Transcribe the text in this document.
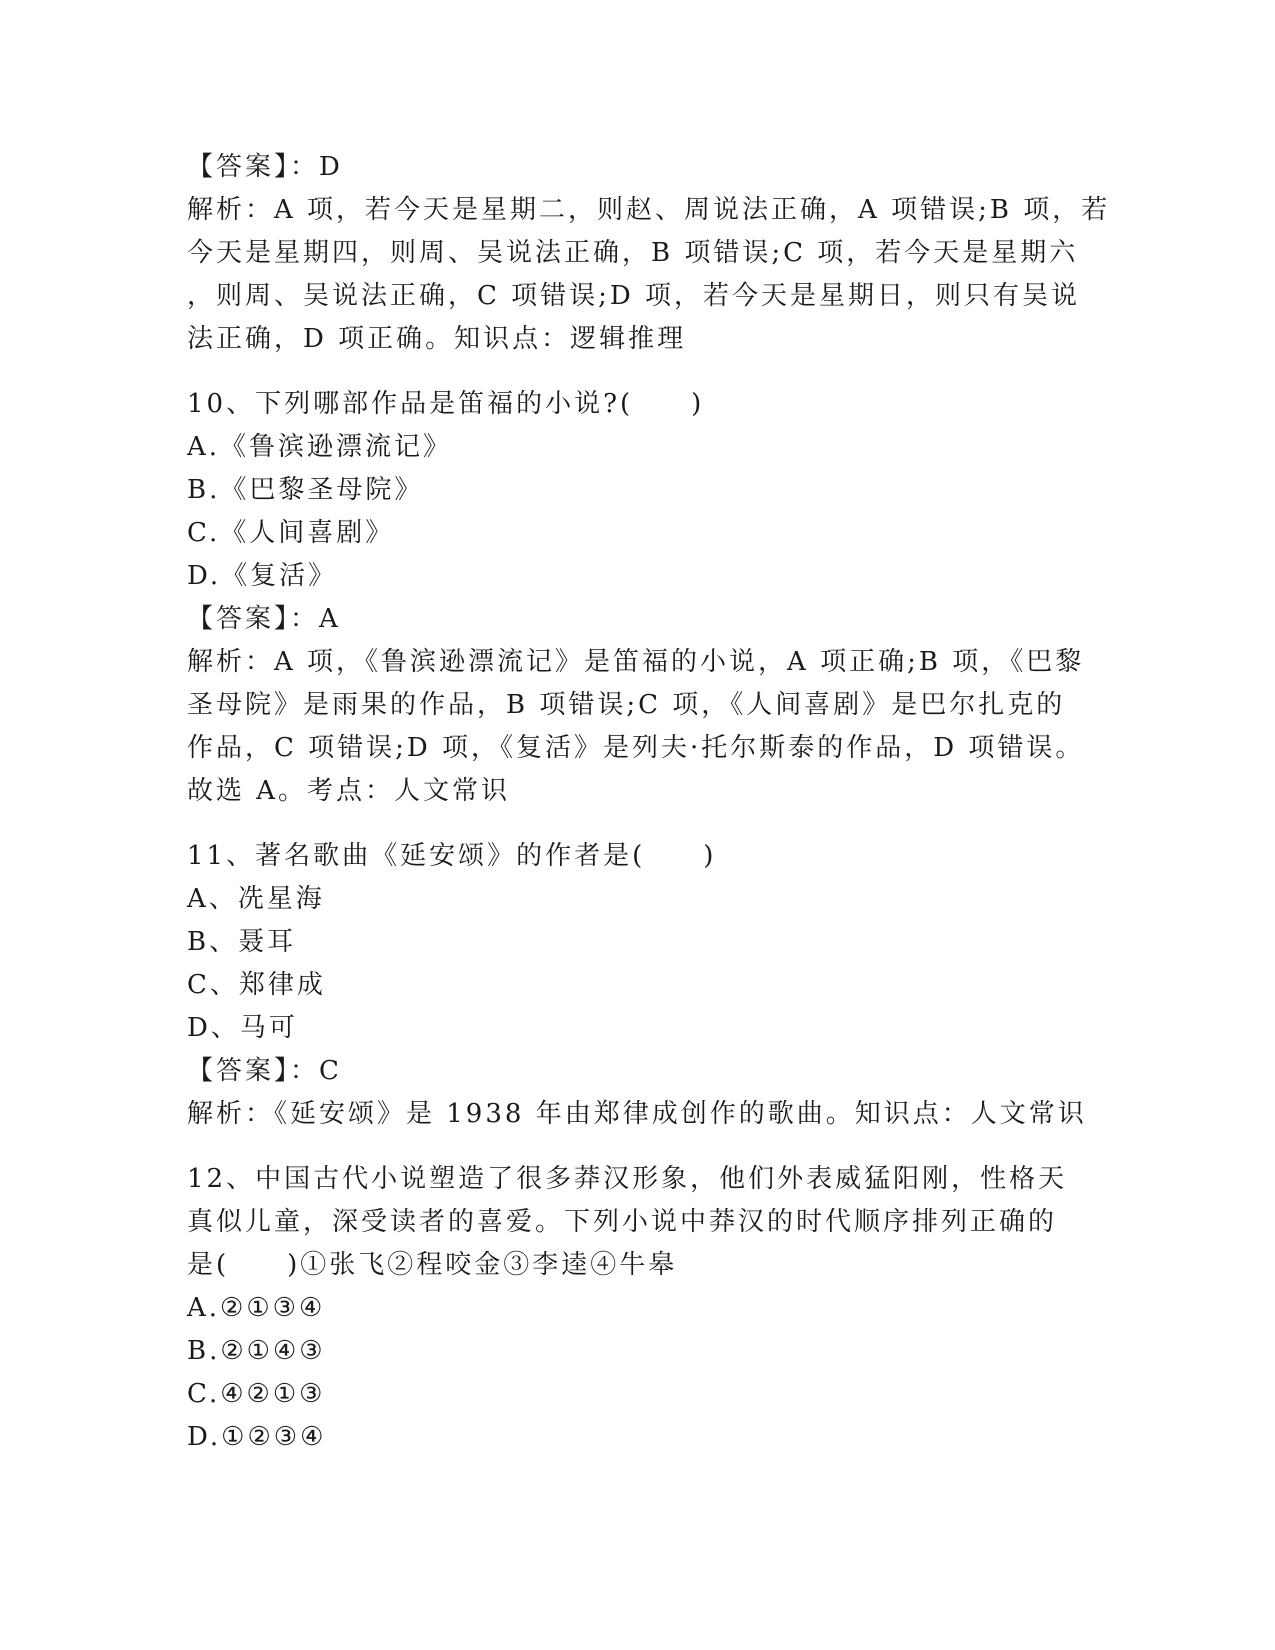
【答案】：D
解析：A 项，若今天是星期二，则赵、周说法正确，A 项错误;B 项，若
今天是星期四，则周、吴说法正确，B 项错误;C 项，若今天是星期六
，则周、吴说法正确，C 项错误;D 项，若今天是星期日，则只有吴说
法正确，D 项正确。知识点：逻辑推理
10、下列哪部作品是笛福的小说?(　　)
A.《鲁滨逊漂流记》
B.《巴黎圣母院》
C.《人间喜剧》
D.《复活》
【答案】：A
解析：A 项，《鲁滨逊漂流记》是笛福的小说，A 项正确;B 项，《巴黎
圣母院》是雨果的作品，B 项错误;C 项，《人间喜剧》是巴尔扎克的
作品，C 项错误;D 项，《复活》是列夫·托尔斯泰的作品，D 项错误。
故选 A。考点：人文常识
11、著名歌曲《延安颂》的作者是(　　)
A、冼星海
B、聂耳
C、郑律成
D、马可
【答案】：C
解析：《延安颂》是 1938 年由郑律成创作的歌曲。知识点：人文常识
12、中国古代小说塑造了很多莽汉形象，他们外表威猛阳刚，性格天
真似儿童，深受读者的喜爱。下列小说中莽汉的时代顺序排列正确的
是(　　)①张飞②程咬金③李逵④牛皋
A.②①③④
B.②①④③
C.④②①③
D.①②③④
